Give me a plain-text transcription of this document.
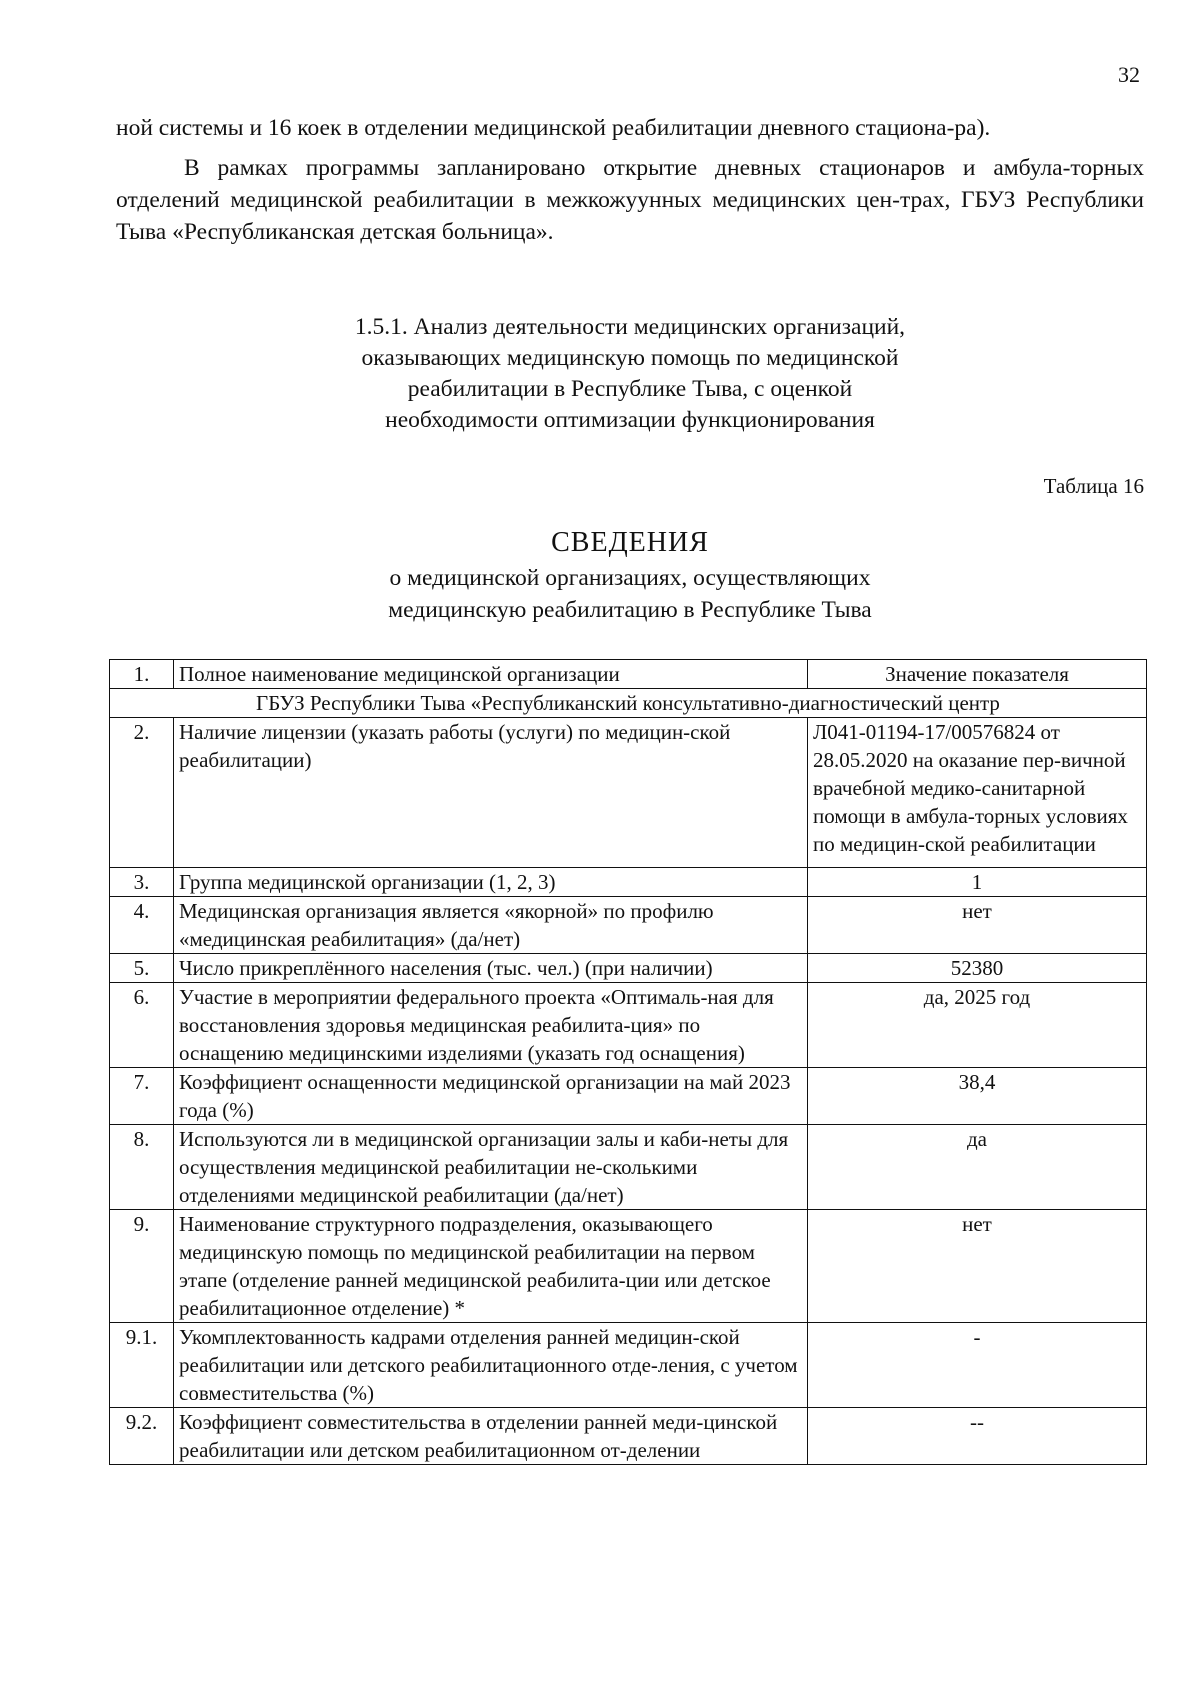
32

ной системы и 16 коек в отделении медицинской реабилитации дневного стациона-ра).

В рамках программы запланировано открытие дневных стационаров и амбула-торных отделений медицинской реабилитации в межкожуунных медицинских цен-трах, ГБУЗ Республики Тыва «Республиканская детская больница».

1.5.1. Анализ деятельности медицинских организаций,
оказывающих медицинскую помощь по медицинской
реабилитации в Республике Тыва, с оценкой
необходимости оптимизации функционирования
Таблица 16
СВЕДЕНИЯ
о медицинской организациях, осуществляющих
медицинскую реабилитацию в Республике Тыва
1.	Полное наименование медицинской организации	Значение показателя
ГБУЗ Республики Тыва «Республиканский консультативно-диагностический центр		
2.	Наличие лицензии (указать работы (услуги) по медицин-ской реабилитации)	Л041-01194-17/00576824 от 28.05.2020 на оказание пер-вичной врачебной медико-санитарной помощи в амбула-торных условиях по медицин-ской реабилитации
3.	Группа медицинской организации (1, 2, 3)	1
4.	Медицинская организация является «якорной» по профилю «медицинская реабилитация» (да/нет)	нет
5.	Число прикреплённого населения (тыс. чел.) (при наличии)	52380
6.	Участие в мероприятии федерального проекта «Оптималь-ная для восстановления здоровья медицинская реабилита-ция» по оснащению медицинскими изделиями (указать год оснащения)	да, 2025 год
7.	Коэффициент оснащенности медицинской организации на май 2023 года (%)	38,4
8.	Используются ли в медицинской организации залы и каби-неты для осуществления медицинской реабилитации не-сколькими отделениями медицинской реабилитации (да/нет)	да
9.	Наименование структурного подразделения, оказывающего медицинскую помощь по медицинской реабилитации на первом этапе (отделение ранней медицинской реабилита-ции или детское реабилитационное отделение) *	нет
9.1.	Укомплектованность кадрами отделения ранней медицин-ской реабилитации или детского реабилитационного отде-ления, с учетом совместительства (%)	-
9.2.	Коэффициент совместительства в отделении ранней меди-цинской реабилитации или детском реабилитационном от-делении	--
